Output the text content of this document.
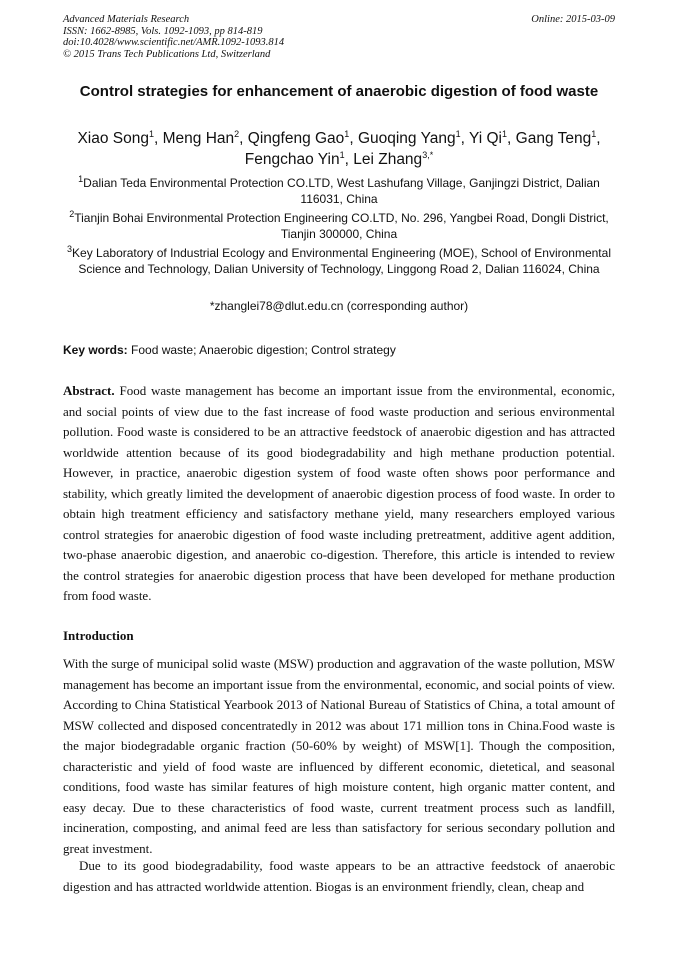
Advanced Materials Research
ISSN: 1662-8985, Vols. 1092-1093, pp 814-819
doi:10.4028/www.scientific.net/AMR.1092-1093.814
© 2015 Trans Tech Publications Ltd, Switzerland
Online: 2015-03-09
Control strategies for enhancement of anaerobic digestion of food waste
Xiao Song$^1$, Meng Han$^2$, Qingfeng Gao$^1$, Guoqing Yang$^1$, Yi Qi$^1$, Gang Teng$^1$,
Fengchao Yin$^1$, Lei Zhang$^{3,*}$
$^1$Dalian Teda Environmental Protection CO.LTD, West Lashufang Village, Ganjingzi District, Dalian 116031, China
$^2$Tianjin Bohai Environmental Protection Engineering CO.LTD, No. 296, Yangbei Road, Dongli District, Tianjin 300000, China
$^3$Key Laboratory of Industrial Ecology and Environmental Engineering (MOE), School of Environmental Science and Technology, Dalian University of Technology, Linggong Road 2, Dalian 116024, China
*zhanglei78@dlut.edu.cn (corresponding author)
Key words: Food waste; Anaerobic digestion; Control strategy
Abstract. Food waste management has become an important issue from the environmental, economic, and social points of view due to the fast increase of food waste production and serious environmental pollution. Food waste is considered to be an attractive feedstock of anaerobic digestion and has attracted worldwide attention because of its good biodegradability and high methane production potential. However, in practice, anaerobic digestion system of food waste often shows poor performance and stability, which greatly limited the development of anaerobic digestion process of food waste. In order to obtain high treatment efficiency and satisfactory methane yield, many researchers employed various control strategies for anaerobic digestion of food waste including pretreatment, additive agent addition, two-phase anaerobic digestion, and anaerobic co-digestion. Therefore, this article is intended to review the control strategies for anaerobic digestion process that have been developed for methane production from food waste.
Introduction
With the surge of municipal solid waste (MSW) production and aggravation of the waste pollution, MSW management has become an important issue from the environmental, economic, and social points of view. According to China Statistical Yearbook 2013 of National Bureau of Statistics of China, a total amount of MSW collected and disposed concentratedly in 2012 was about 171 million tons in China.Food waste is the major biodegradable organic fraction (50-60% by weight) of MSW[1]. Though the composition, characteristic and yield of food waste are influenced by different economic, dietetical, and seasonal conditions, food waste has similar features of high moisture content, high organic matter content, and easy decay. Due to these characteristics of food waste, current treatment process such as landfill, incineration, composting, and animal feed are less than satisfactory for serious secondary pollution and great investment.
Due to its good biodegradability, food waste appears to be an attractive feedstock of anaerobic digestion and has attracted worldwide attention. Biogas is an environment friendly, clean, cheap and
